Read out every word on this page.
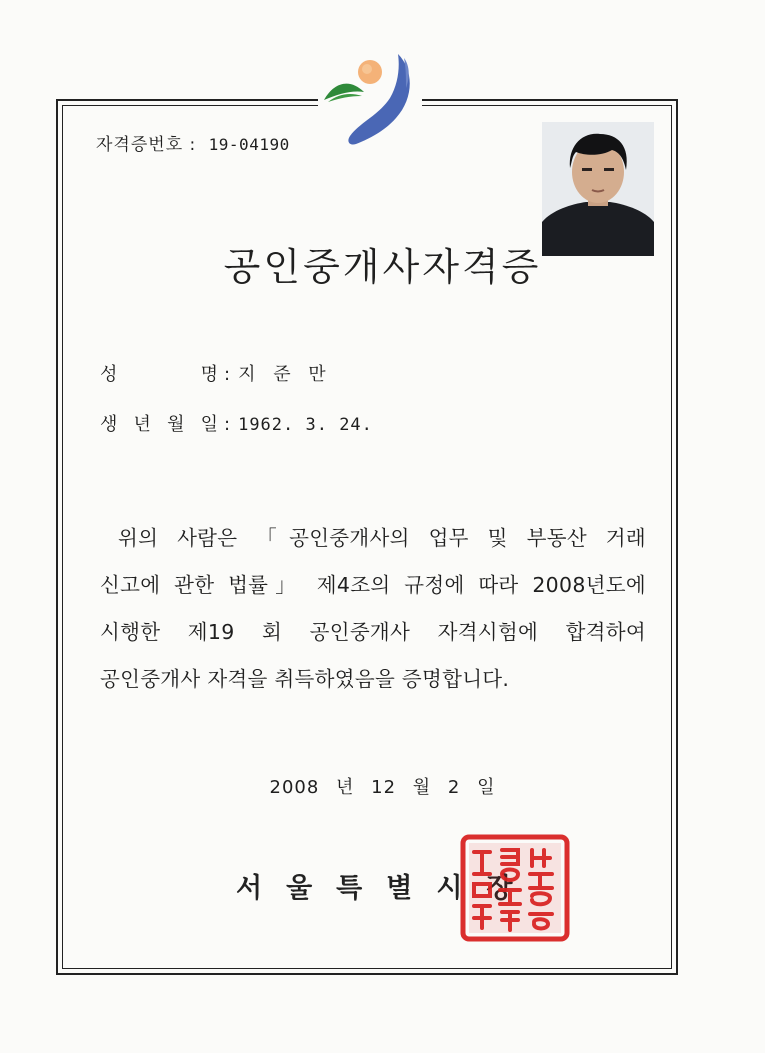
자격증번호 : 19-04190
공인중개사자격증
성 명 : 지 준 만
생 년 월 일 : 1962. 3. 24.

위의 사람은 「공인중개사의 업무 및 부동산 거래
신고에 관한 법률」 제4조의 규정에 따라 2008년도에
시행한 제19 회 공인중개사 자격시험에 합격하여
공인중개사 자격을 취득하였음을 증명합니다.

2008 년 12 월 2 일
서울특별시장
